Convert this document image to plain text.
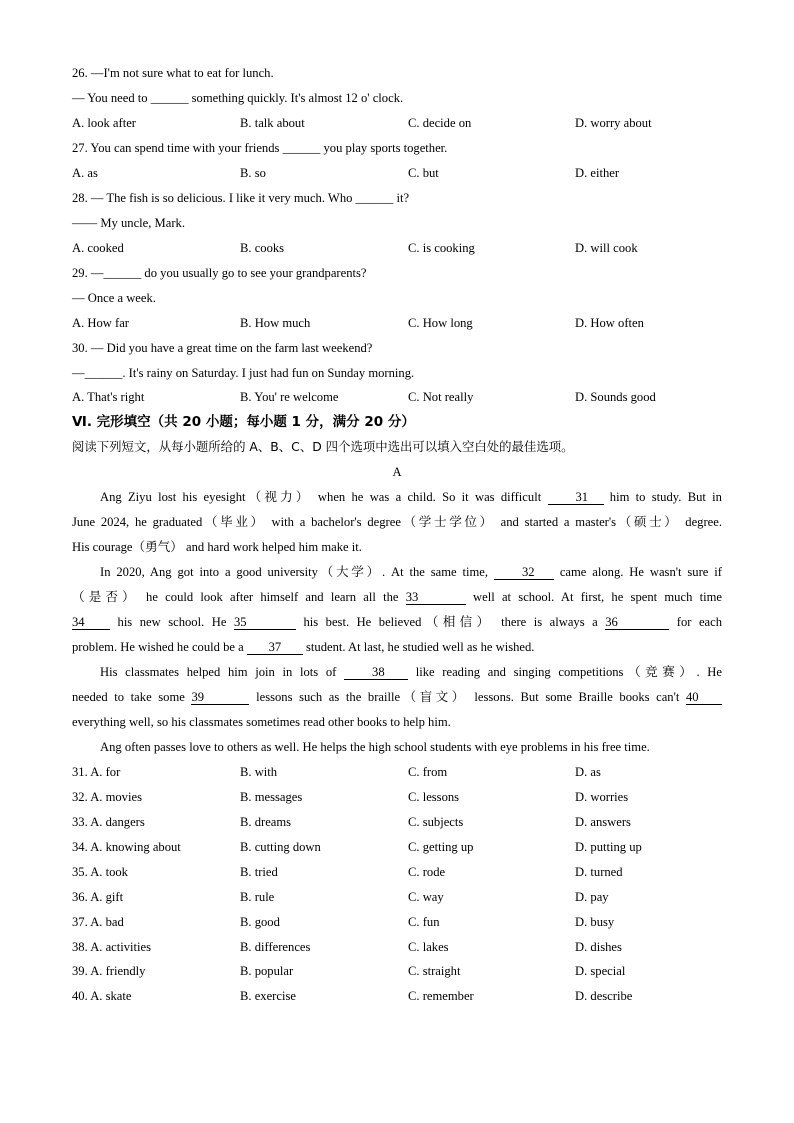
26. —I'm not sure what to eat for lunch.
— You need to ______ something quickly. It's almost 12 o' clock.
A. look after	B. talk about	C. decide on	D. worry about
27. You can spend time with your friends ______ you play sports together.
A. as	B. so	C. but	D. either
28. — The fish is so delicious. I like it very much. Who ______ it?
—— My uncle, Mark.
A. cooked	B. cooks	C. is cooking	D. will cook
29. —______ do you usually go to see your grandparents?
— Once a week.
A. How far	B. How much	C. How long	D. How often
30. — Did you have a great time on the farm last weekend?
—______. It's rainy on Saturday. I just had fun on Sunday morning.
A. That's right	B. You' re welcome	C. Not really	D. Sounds good
Ⅵ. 完形填空（共 20 小题；每小题 1 分，满分 20 分）
阅读下列短文，从每小题所给的 A、B、C、D 四个选项中选出可以填入空白处的最佳选项。
A
Ang Ziyu lost his eyesight（视力） when he was a child. So it was difficult	31 him to study. But in
June 2024, he graduated（毕业） with a bachelor's degree（学士学位） and started a master's（硕士） degree.
His courage（勇气） and hard work helped him make it.
In 2020, Ang got into a good university（大学）. At the same time,	32 came along. He wasn't sure if
（是否） he could look after himself and learn all the 33	well at school. At first, he spent much time
34	his new school. He 35	his best. He believed（相信） there is always a 36	for each
problem. He wished he could be a 37 student. At last, he studied well as he wished.
His classmates helped him join in lots of	38 like reading and singing competitions（竞赛）. He
needed to take some 39	lessons such as the braille（盲文） lessons. But some Braille books can't 40
everything well, so his classmates sometimes read other books to help him.
Ang often passes love to others as well. He helps the high school students with eye problems in his free time.
31. A. for	B. with	C. from	D. as
32. A. movies	B. messages	C. lessons	D. worries
33. A. dangers	B. dreams	C. subjects	D. answers
34. A. knowing about	B. cutting down	C. getting up	D. putting up
35. A. took	B. tried	C. rode	D. turned
36. A. gift	B. rule	C. way	D. pay
37. A. bad	B. good	C. fun	D. busy
38. A. activities	B. differences	C. lakes	D. dishes
39. A. friendly	B. popular	C. straight	D. special
40. A. skate	B. exercise	C. remember	D. describe
